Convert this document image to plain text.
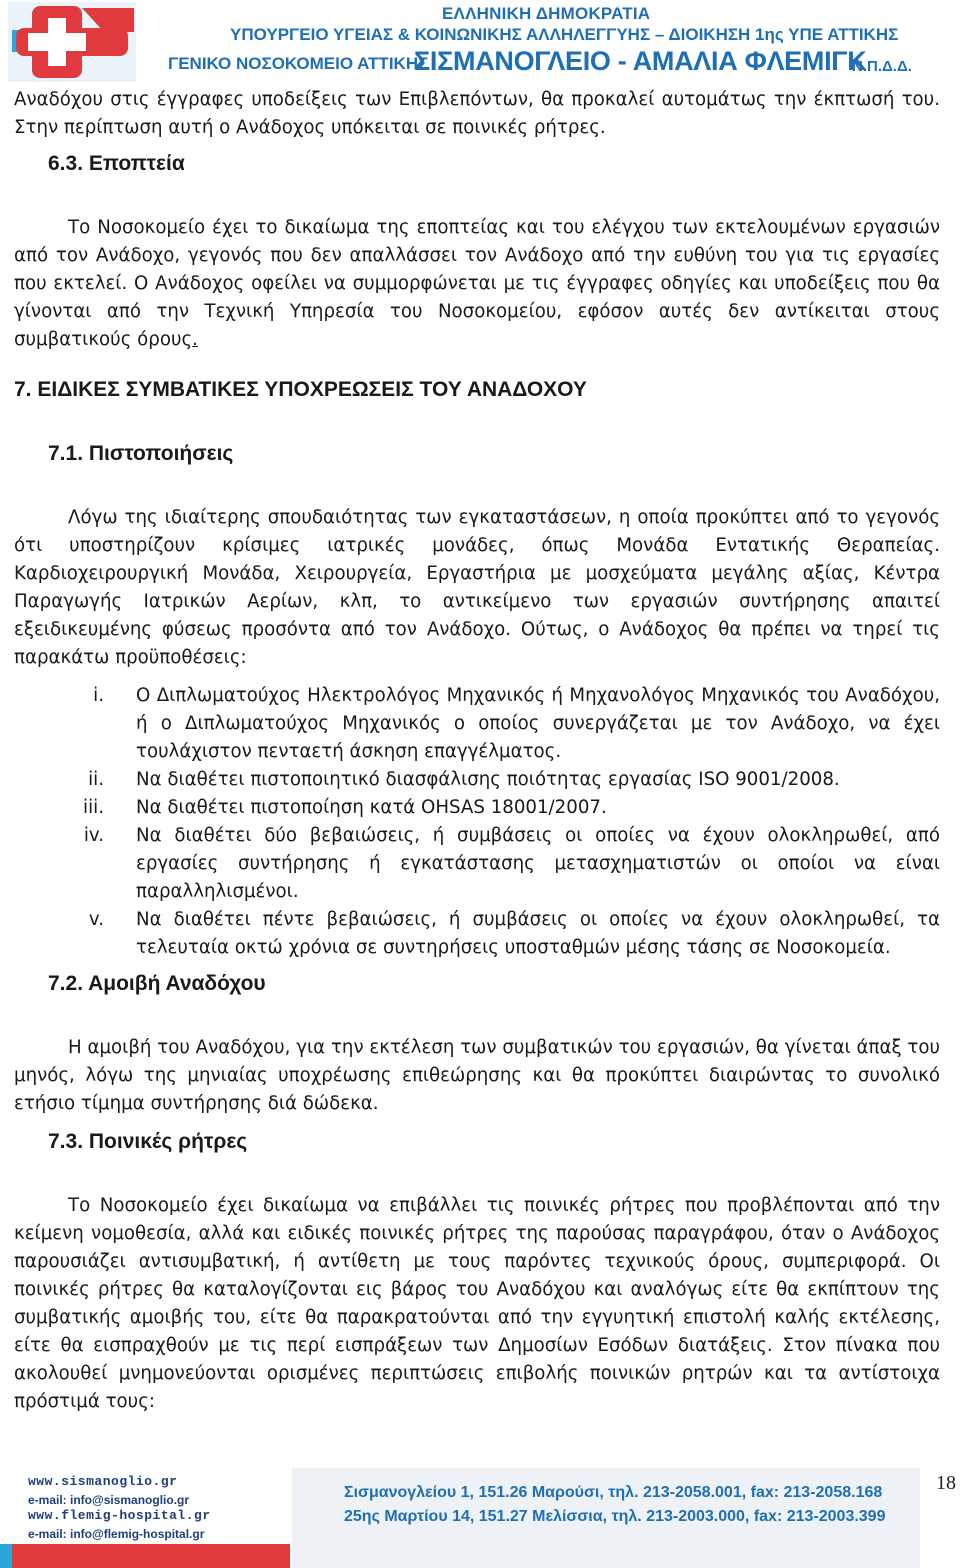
ΕΛΛΗΝΙΚΗ ΔΗΜΟΚΡΑΤΙΑ
ΥΠΟΥΡΓΕΙΟ ΥΓΕΙΑΣ & ΚΟΙΝΩΝΙΚΗΣ ΑΛΛΗΛΕΓΓΥΗΣ – ΔΙΟΙΚΗΣΗ 1ης ΥΠΕ ΑΤΤΙΚΗΣ
ΓΕΝΙΚΟ ΝΟΣΟΚΟΜΕΙΟ ΑΤΤΙΚΗΣ
ΣΙΣΜΑΝΟΓΛΕΙΟ - ΑΜΑΛΙΑ ΦΛΕΜΙΓΚ
Ν.Π.Δ.Δ.

Αναδόχου στις έγγραφες υποδείξεις των Επιβλεπόντων, θα προκαλεί αυτομάτως την έκπτωσή του. Στην περίπτωση αυτή ο Ανάδοχος υπόκειται σε ποινικές ρήτρες.

6.3. Εποπτεία

Το Νοσοκομείο έχει το δικαίωμα της εποπτείας και του ελέγχου των εκτελουμένων εργασιών από τον Ανάδοχο, γεγονός που δεν απαλλάσσει τον Ανάδοχο από την ευθύνη του για τις εργασίες που εκτελεί. Ο Ανάδοχος οφείλει να συμμορφώνεται με τις έγγραφες οδηγίες και υποδείξεις που θα γίνονται από την Τεχνική Υπηρεσία του Νοσοκομείου, εφόσον αυτές δεν αντίκειται στους συμβατικούς όρους.

7. ΕΙΔΙΚΕΣ ΣΥΜΒΑΤΙΚΕΣ ΥΠΟΧΡΕΩΣΕΙΣ ΤΟΥ ΑΝΑΔΟΧΟΥ
7.1. Πιστοποιήσεις

Λόγω της ιδιαίτερης σπουδαιότητας των εγκαταστάσεων, η οποία προκύπτει από το γεγονός ότι υποστηρίζουν κρίσιμες ιατρικές μονάδες, όπως Μονάδα Εντατικής Θεραπείας. Καρδιοχειρουργική Μονάδα, Χειρουργεία, Εργαστήρια με μοσχεύματα μεγάλης αξίας, Κέντρα Παραγωγής Ιατρικών Αερίων, κλπ, το αντικείμενο των εργασιών συντήρησης απαιτεί εξειδικευμένης φύσεως προσόντα από τον Ανάδοχο. Ούτως, ο Ανάδοχος θα πρέπει να τηρεί τις παρακάτω προϋποθέσεις:

i. Ο Διπλωματούχος Ηλεκτρολόγος Μηχανικός ή Μηχανολόγος Μηχανικός του Αναδόχου, ή ο Διπλωματούχος Μηχανικός ο οποίος συνεργάζεται με τον Ανάδοχο, να έχει τουλάχιστον πενταετή άσκηση επαγγέλματος.

ii. Να διαθέτει πιστοποιητικό διασφάλισης ποιότητας εργασίας ISO 9001/2008.

iii. Να διαθέτει πιστοποίηση κατά OHSAS 18001/2007.

iv. Να διαθέτει δύο βεβαιώσεις, ή συμβάσεις οι οποίες να έχουν ολοκληρωθεί, από εργασίες συντήρησης ή εγκατάστασης μετασχηματιστών οι οποίοι να είναι παραλληλισμένοι.

v. Να διαθέτει πέντε βεβαιώσεις, ή συμβάσεις οι οποίες να έχουν ολοκληρωθεί, τα τελευταία οκτώ χρόνια σε συντηρήσεις υποσταθμών μέσης τάσης σε Νοσοκομεία.

7.2. Αμοιβή Αναδόχου

Η αμοιβή του Αναδόχου, για την εκτέλεση των συμβατικών του εργασιών, θα γίνεται άπαξ του μηνός, λόγω της μηνιαίας υποχρέωσης επιθεώρησης και θα προκύπτει διαιρώντας το συνολικό ετήσιο τίμημα συντήρησης διά δώδεκα.

7.3. Ποινικές ρήτρες

Το Νοσοκομείο έχει δικαίωμα να επιβάλλει τις ποινικές ρήτρες που προβλέπονται από την κείμενη νομοθεσία, αλλά και ειδικές ποινικές ρήτρες της παρούσας παραγράφου, όταν ο Ανάδοχος παρουσιάζει αντισυμβατική, ή αντίθετη με τους παρόντες τεχνικούς όρους, συμπεριφορά. Οι ποινικές ρήτρες θα καταλογίζονται εις βάρος του Αναδόχου και αναλόγως είτε θα εκπίπτουν της συμβατικής αμοιβής του, είτε θα παρακρατούνται από την εγγυητική επιστολή καλής εκτέλεσης, είτε θα εισπραχθούν με τις περί εισπράξεων των Δημοσίων Εσόδων διατάξεις. Στον πίνακα που ακολουθεί μνημονεύονται ορισμένες περιπτώσεις επιβολής ποινικών ρητρών και τα αντίστοιχα πρόστιμά τους:

www.sismanoglio.gr
e-mail: info@sismanoglio.gr
www.flemig-hospital.gr
e-mail: info@flemig-hospital.gr
Σισμανογλείου 1, 151.26 Μαρούσι, τηλ. 213-2058.001, fax: 213-2058.168
25ης Μαρτίου 14, 151.27 Μελίσσια, τηλ. 213-2003.000, fax: 213-2003.399
18
